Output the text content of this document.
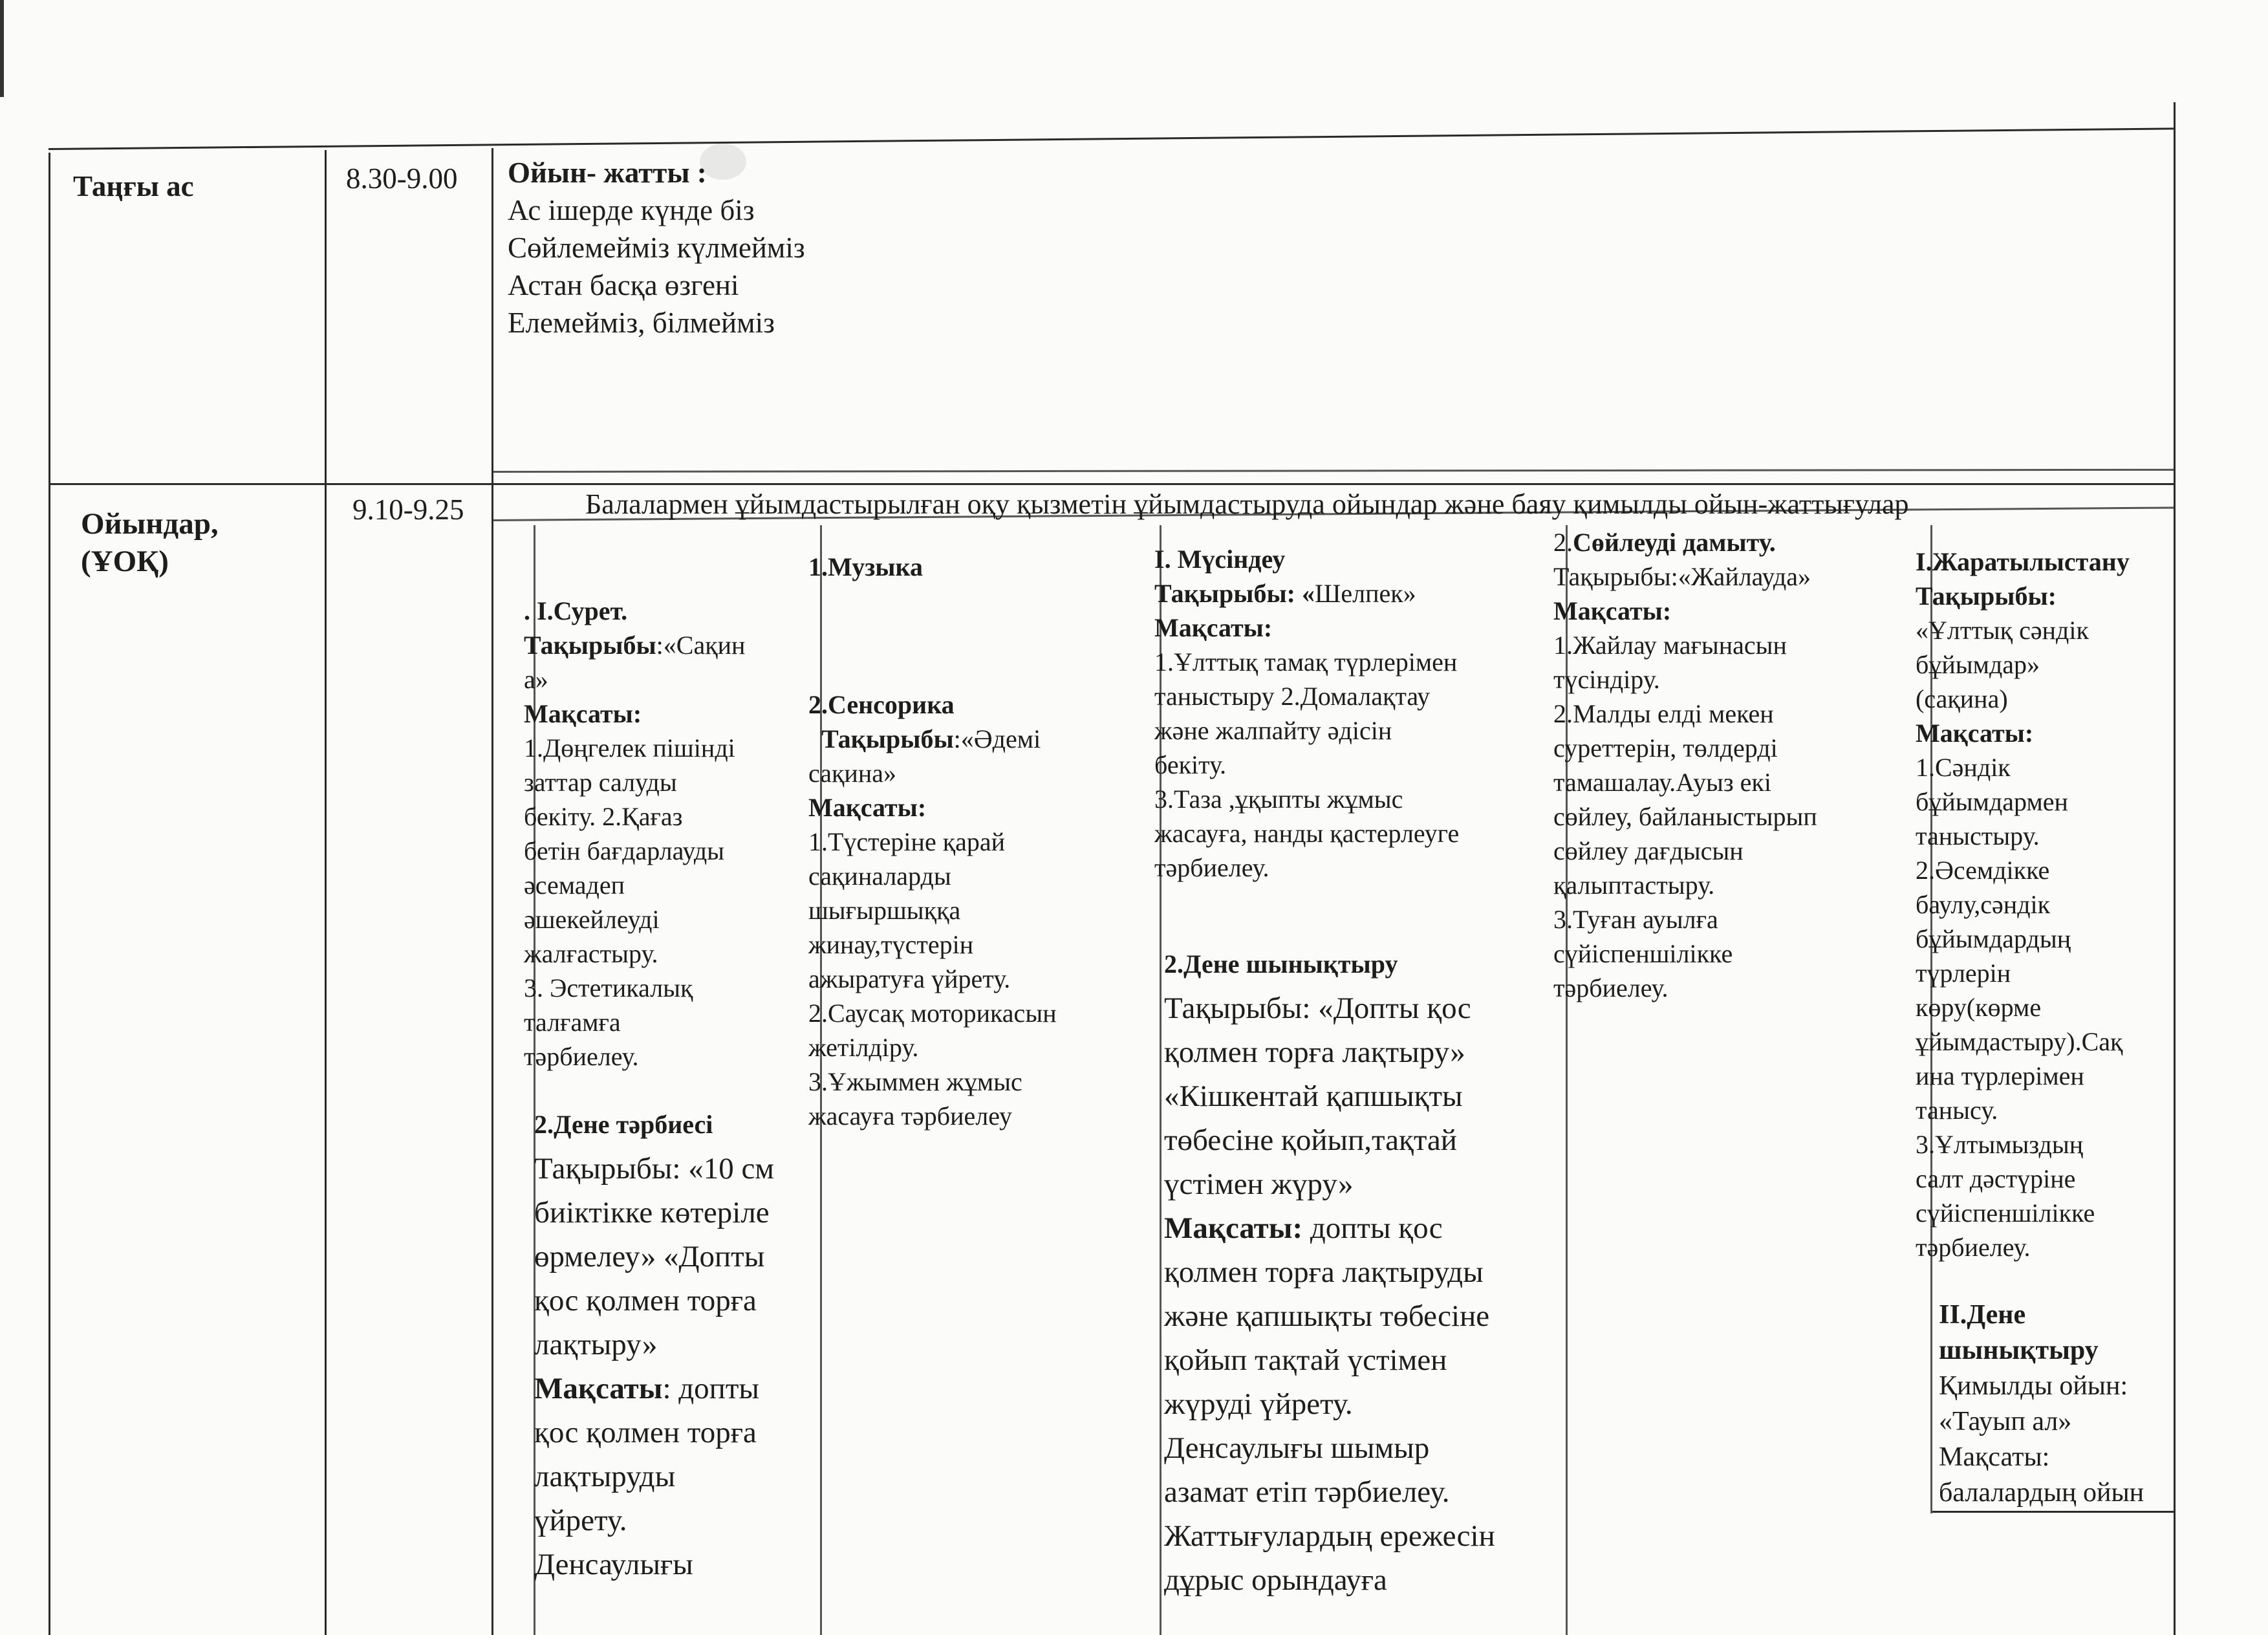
Таңғы ас	8.30-9.00 Ойын- жатты :

Ас ішерде күнде біз

Сөйлемейміз күлмейміз

Астан басқа өзгені

Елемейміз, білмейміз

Ойындар,
(ҰОҚ)
9.10-9.25	Балалармен ұйымдастырылған оқу қызметін ұйымдастыруда ойындар және баяу қимылды ойын-жаттығулар

. І.Сурет.

Тақырыбы:«Сақин

а»

Мақсаты:

1.Дөңгелек пішінді

заттар салуды

бекіту. 2.Қағаз

бетін бағдарлауды

әсемадеп

әшекейлеуді

жалғастыру.

3. Эстетикалық

талғамға

тәрбиелеу.

2.Дене тәрбиесі

Тақырыбы: «10 см

биіктікке көтеріле

өрмелеу» «Допты

қос қолмен торға

лақтыру»

Мақсаты: допты

қос қолмен торға

лақтыруды

үйрету.

Денсаулығы

1.Музыка

2.Сенсорика

Тақырыбы:«Әдемі

сақина»

Мақсаты:

1.Түстеріне қарай

сақиналарды

шығыршыққа

жинау,түстерін

ажыратуға үйрету.

2.Саусақ моторикасын

жетілдіру.

3.Ұжыммен жұмыс

жасауға тәрбиелеу

І. Мүсіндеу

Тақырыбы: «Шелпек»

Мақсаты:

1.Ұлттық тамақ түрлерімен

таныстыру 2.Домалақтау

және жалпайту әдісін

бекіту.

3.Таза ,ұқыпты жұмыс

жасауға, нанды қастерлеуге

тәрбиелеу.

2.Дене шынықтыру

Тақырыбы: «Допты қос

қолмен торға лақтыру»

«Кішкентай қапшықты

төбесіне қойып,тақтай

үстімен жүру»

Мақсаты: допты қос

қолмен торға лақтыруды

және қапшықты төбесіне

қойып тақтай үстімен

жүруді үйрету.

Денсаулығы шымыр

азамат етіп тәрбиелеу.

Жаттығулардың ережесін

дұрыс орындауға

2.Сөйлеуді дамыту.

Тақырыбы:«Жайлауда»

Мақсаты:

1.Жайлау мағынасын

түсіндіру.

2.Малды елді мекен

суреттерін, төлдерді

тамашалау.Ауыз екі

сөйлеу, байланыстырып

сөйлеу дағдысын

қалыптастыру.

3.Туған ауылға

сүйіспеншілікке

тәрбиелеу.

І.Жаратылыстану

Тақырыбы:

«Ұлттық сәндік

бұйымдар»

(сақина)

Мақсаты:

1.Сәндік

бұйымдармен

таныстыру.

2.Әсемдікке

баулу,сәндік

бұйымдардың

түрлерін

көру(көрме

ұйымдастыру).Сақ

ина түрлерімен

танысу.

3.Ұлтымыздың

салт дәстүріне

сүйіспеншілікке

тәрбиелеу.

ІІ.Дене

шынықтыру

Қимылды ойын:

«Тауып ал»

Мақсаты:

балалардың ойын
